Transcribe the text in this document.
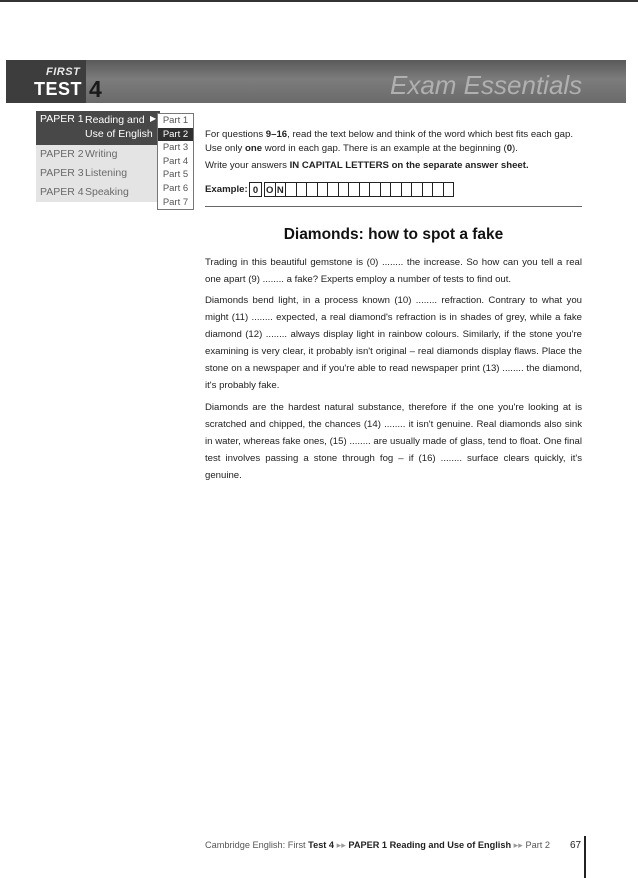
FIRST
TEST 4	Exam Essentials
PAPER 1 Reading and
Use of English
▶
PAPER 2 Writing
PAPER 3 Listening
PAPER 4 Speaking
Part 1
Part 2
Part 3
Part 4
Part 5
Part 6
Part 7
For questions 9–16, read the text below and think of the word which best fits each gap. Use only one word in each gap. There is an example at the beginning (0).
Write your answers IN CAPITAL LETTERS on the separate answer sheet.
Example: 0 O N
Diamonds: how to spot a fake
Trading in this beautiful gemstone is (0) ........ the increase. So how can you tell a real one apart (9) ........ a fake? Experts employ a number of tests to find out.
Diamonds bend light, in a process known (10) ........ refraction. Contrary to what you might (11) ........ expected, a real diamond's refraction is in shades of grey, while a fake diamond (12) ........ always display light in rainbow colours. Similarly, if the stone you're examining is very clear, it probably isn't original – real diamonds display flaws. Place the stone on a newspaper and if you're able to read newspaper print (13) ........ the diamond, it's probably fake.
Diamonds are the hardest natural substance, therefore if the one you're looking at is scratched and chipped, the chances (14) ........ it isn't genuine. Real diamonds also sink in water, whereas fake ones, (15) ........ are usually made of glass, tend to float. One final test involves passing a stone through fog – if (16) ........ surface clears quickly, it's genuine.
Cambridge English: First Test 4 ▸▸ PAPER 1 Reading and Use of English ▸▸ Part 2 67
